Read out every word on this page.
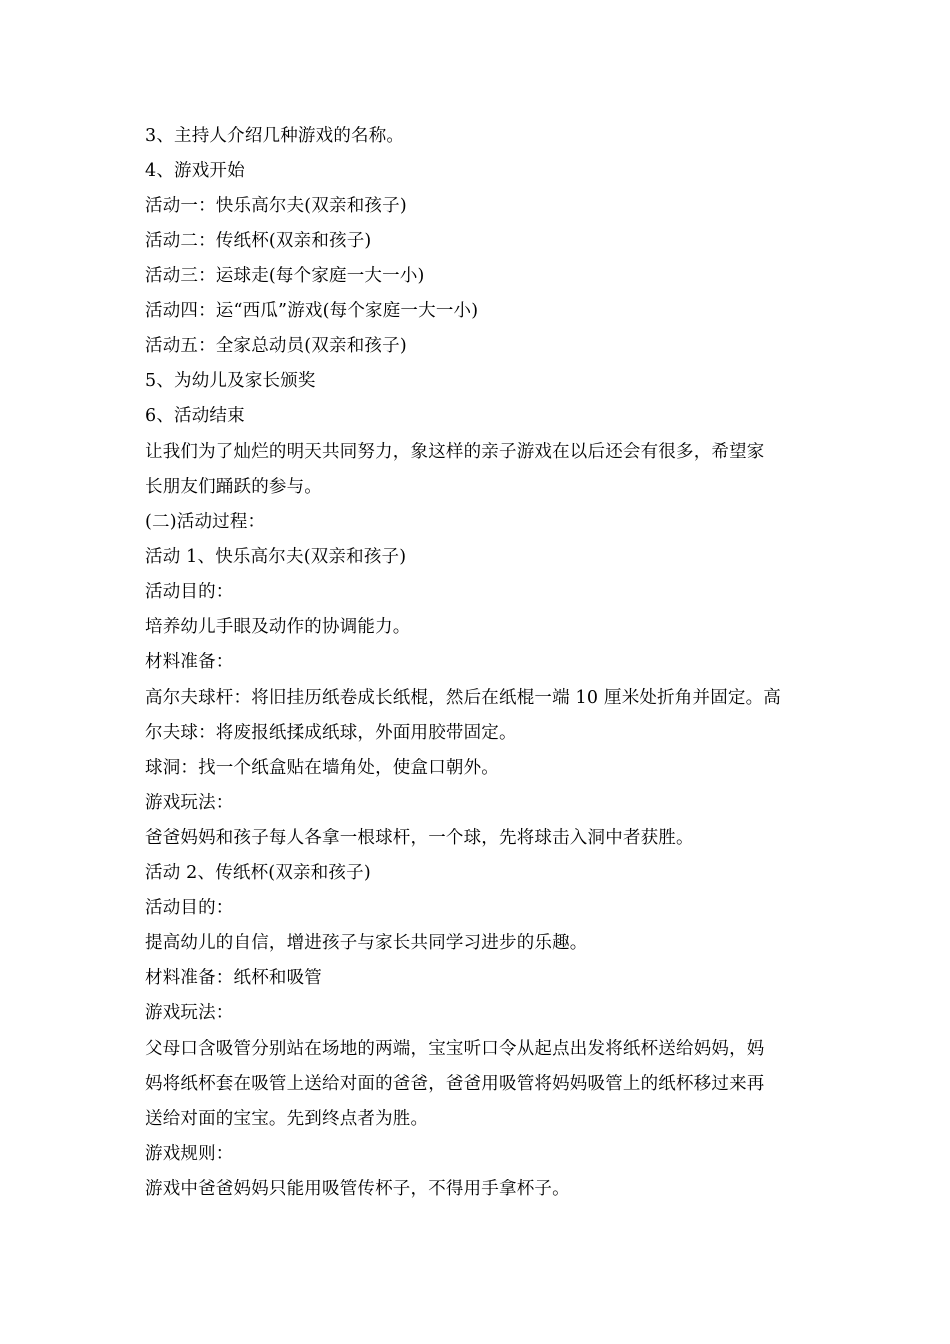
3、主持人介绍几种游戏的名称。
4、游戏开始
活动一：快乐高尔夫(双亲和孩子)
活动二：传纸杯(双亲和孩子)
活动三：运球走(每个家庭一大一小)
活动四：运“西瓜”游戏(每个家庭一大一小)
活动五：全家总动员(双亲和孩子)
5、为幼儿及家长颁奖
6、活动结束
让我们为了灿烂的明天共同努力，象这样的亲子游戏在以后还会有很多，希望家
长朋友们踊跃的参与。
(二)活动过程：
活动 1、快乐高尔夫(双亲和孩子)
活动目的：
培养幼儿手眼及动作的协调能力。
材料准备：
高尔夫球杆：将旧挂历纸卷成长纸棍，然后在纸棍一端 10 厘米处折角并固定。高
尔夫球：将废报纸揉成纸球，外面用胶带固定。
球洞：找一个纸盒贴在墙角处，使盒口朝外。
游戏玩法：
爸爸妈妈和孩子每人各拿一根球杆，一个球，先将球击入洞中者获胜。
活动 2、传纸杯(双亲和孩子)
活动目的：
提高幼儿的自信，增进孩子与家长共同学习进步的乐趣。
材料准备：纸杯和吸管
游戏玩法：
父母口含吸管分别站在场地的两端，宝宝听口令从起点出发将纸杯送给妈妈，妈
妈将纸杯套在吸管上送给对面的爸爸，爸爸用吸管将妈妈吸管上的纸杯移过来再
送给对面的宝宝。先到终点者为胜。
游戏规则：
游戏中爸爸妈妈只能用吸管传杯子，不得用手拿杯子。
